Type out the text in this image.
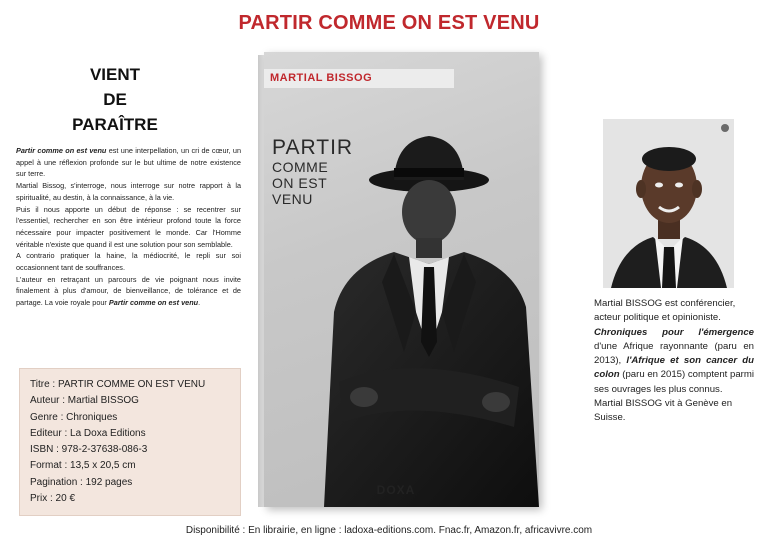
PARTIR COMME ON EST VENU
VIENT
DE
PARAÎTRE

Partir comme on est venu est une interpellation, un cri de cœur, un appel à une réflexion profonde sur le but ultime de notre existence sur terre.

Martial Bissog, s'interroge, nous interroge sur notre rapport à la spiritualité, au destin, à la connaissance, à la vie.

Puis il nous apporte un début de réponse : se recentrer sur l'essentiel, rechercher en son être intérieur profond toute la force nécessaire pour impacter positivement le monde. Car l'Homme véritable n'existe que quand il est une solution pour son semblable.

A contrario pratiquer la haine, la médiocrité, le repli sur soi occasionnent tant de souffrances.

L'auteur en retraçant un parcours de vie poignant nous invite finalement à plus d'amour, de bienveillance, de tolérance et de partage. La voie royale pour Partir comme on est venu.

Titre : PARTIR COMME ON EST VENU
Auteur : Martial BISSOG
Genre : Chroniques
Editeur : La Doxa Editions
ISBN : 978-2-37638-086-3
Format : 13,5 x 20,5 cm
Pagination : 192 pages
Prix : 20 €
MARTIAL BISSOG
PARTIR
COMME
ON EST
VENU
DOXA

Martial BISSOG est conférencier, acteur politique et opinioniste.

Chroniques pour l'émergence d'une Afrique rayonnante (paru en 2013), l'Afrique et son cancer du colon (paru en 2015) comptent parmi ses ouvrages les plus connus.

Martial BISSOG vit à Genève en Suisse.

Disponibilité : En librairie, en ligne : ladoxa-editions.com. Fnac.fr, Amazon.fr, africavivre.com
